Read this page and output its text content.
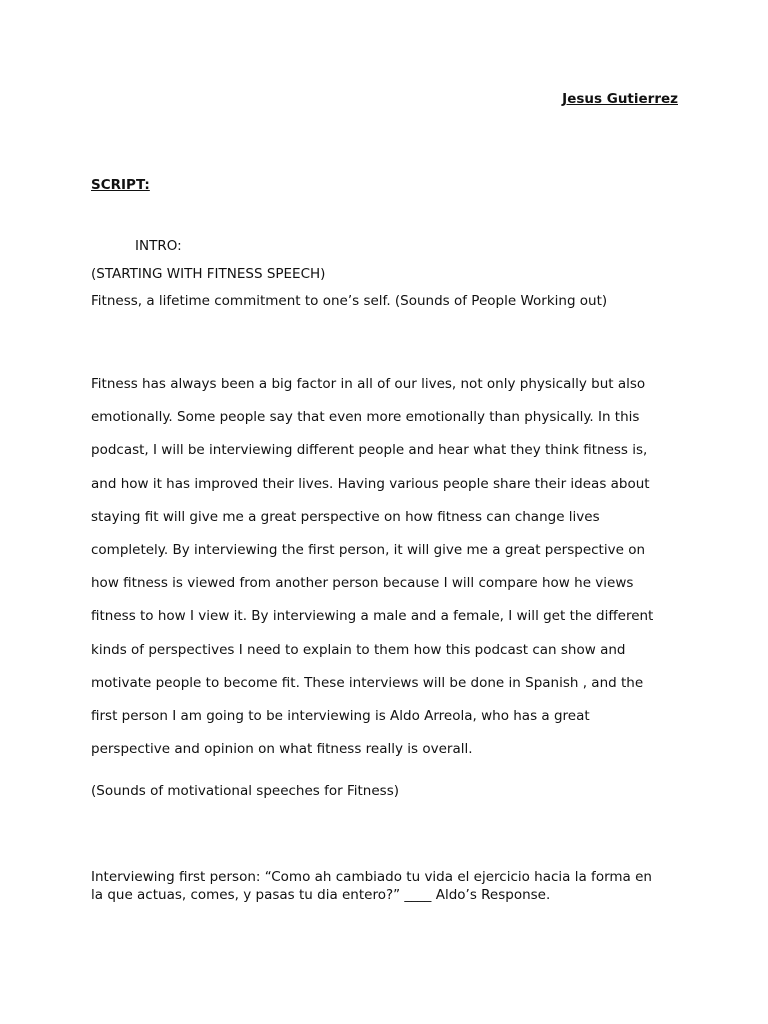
Jesus Gutierrez
SCRIPT:
INTRO:
(STARTING WITH FITNESS SPEECH)
Fitness, a lifetime commitment to one’s self. (Sounds of People Working out)
Fitness has always been a big factor in all of our lives, not only physically but also
emotionally. Some people say that even more emotionally than physically. In this
podcast, I will be interviewing different people and hear what they think fitness is,
and how it has improved their lives. Having various people share their ideas about
staying fit will give me a great perspective on how fitness can change lives
completely. By interviewing the first person, it will give me a great perspective on
how fitness is viewed from another person because I will compare how he views
fitness to how I view it. By interviewing a male and a female, I will get the different
kinds of perspectives I need to explain to them how this podcast can show and
motivate people to become fit. These interviews will be done in Spanish , and the
first person I am going to be interviewing is Aldo Arreola, who has a great
perspective and opinion on what fitness really is overall.
(Sounds of motivational speeches for Fitness)
Interviewing first person: “Como ah cambiado tu vida el ejercicio hacia la forma en
la que actuas, comes, y pasas tu dia entero?” ____ Aldo’s Response.
